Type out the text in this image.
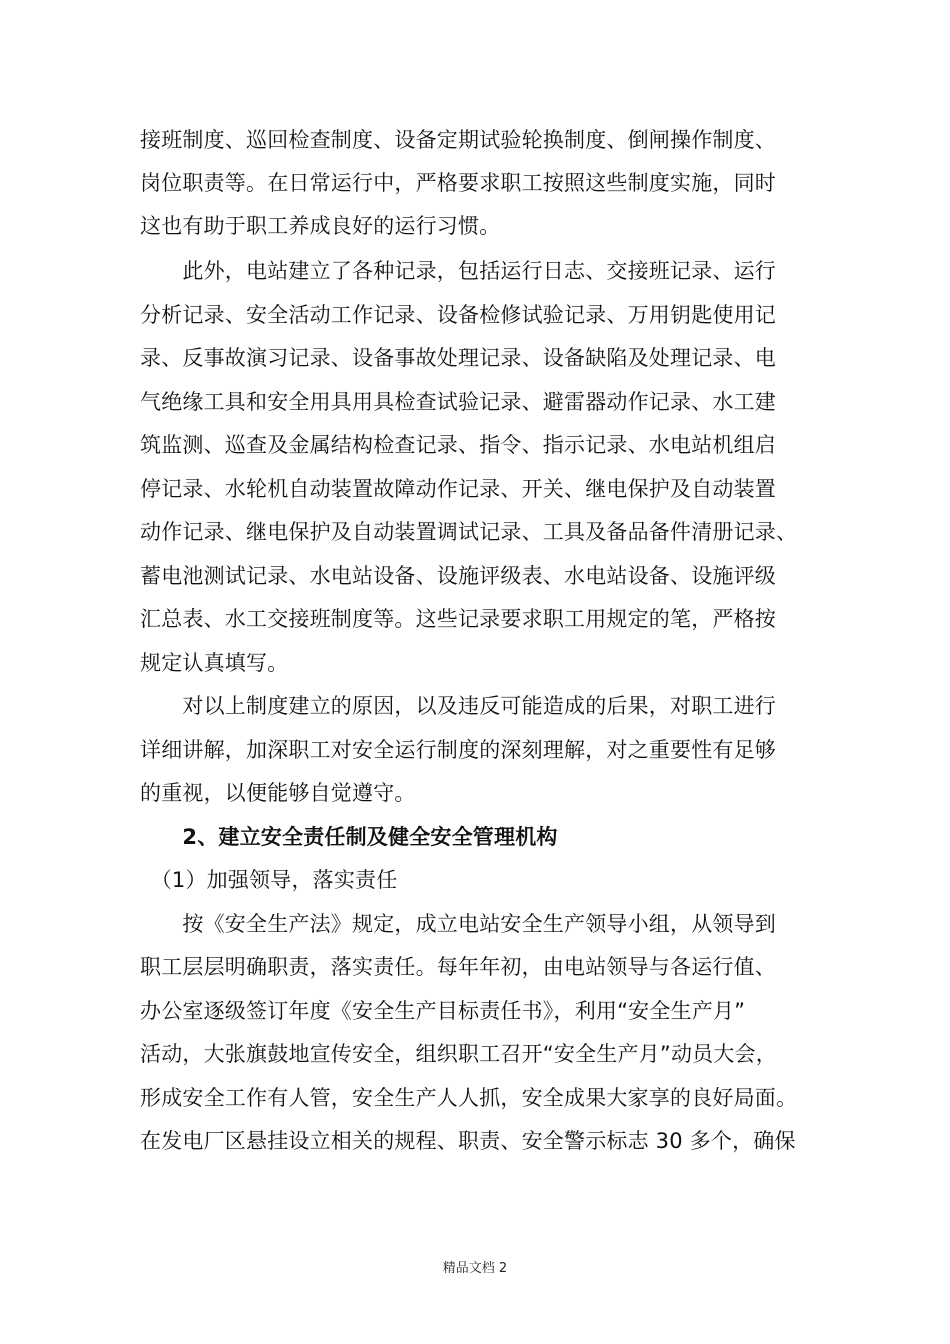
接班制度、巡回检查制度、设备定期试验轮换制度、倒闸操作制度、
岗位职责等。在日常运行中，严格要求职工按照这些制度实施，同时
这也有助于职工养成良好的运行习惯。
　　此外，电站建立了各种记录，包括运行日志、交接班记录、运行
分析记录、安全活动工作记录、设备检修试验记录、万用钥匙使用记
录、反事故演习记录、设备事故处理记录、设备缺陷及处理记录、电
气绝缘工具和安全用具用具检查试验记录、避雷器动作记录、水工建
筑监测、巡查及金属结构检查记录、指令、指示记录、水电站机组启
停记录、水轮机自动装置故障动作记录、开关、继电保护及自动装置
动作记录、继电保护及自动装置调试记录、工具及备品备件清册记录、
蓄电池测试记录、水电站设备、设施评级表、水电站设备、设施评级
汇总表、水工交接班制度等。这些记录要求职工用规定的笔，严格按
规定认真填写。
　　对以上制度建立的原因，以及违反可能造成的后果，对职工进行
详细讲解，加深职工对安全运行制度的深刻理解，对之重要性有足够
的重视，以便能够自觉遵守。
　　2、建立安全责任制及健全安全管理机构
　（1）加强领导，落实责任
　　按《安全生产法》规定，成立电站安全生产领导小组，从领导到
职工层层明确职责，落实责任。每年年初，由电站领导与各运行值、
办公室逐级签订年度《安全生产目标责任书》，利用“安全生产月”
活动，大张旗鼓地宣传安全，组织职工召开“安全生产月”动员大会，
形成安全工作有人管，安全生产人人抓，安全成果大家享的良好局面。
在发电厂区悬挂设立相关的规程、职责、安全警示标志 30 多个，确保
精品文档 2
